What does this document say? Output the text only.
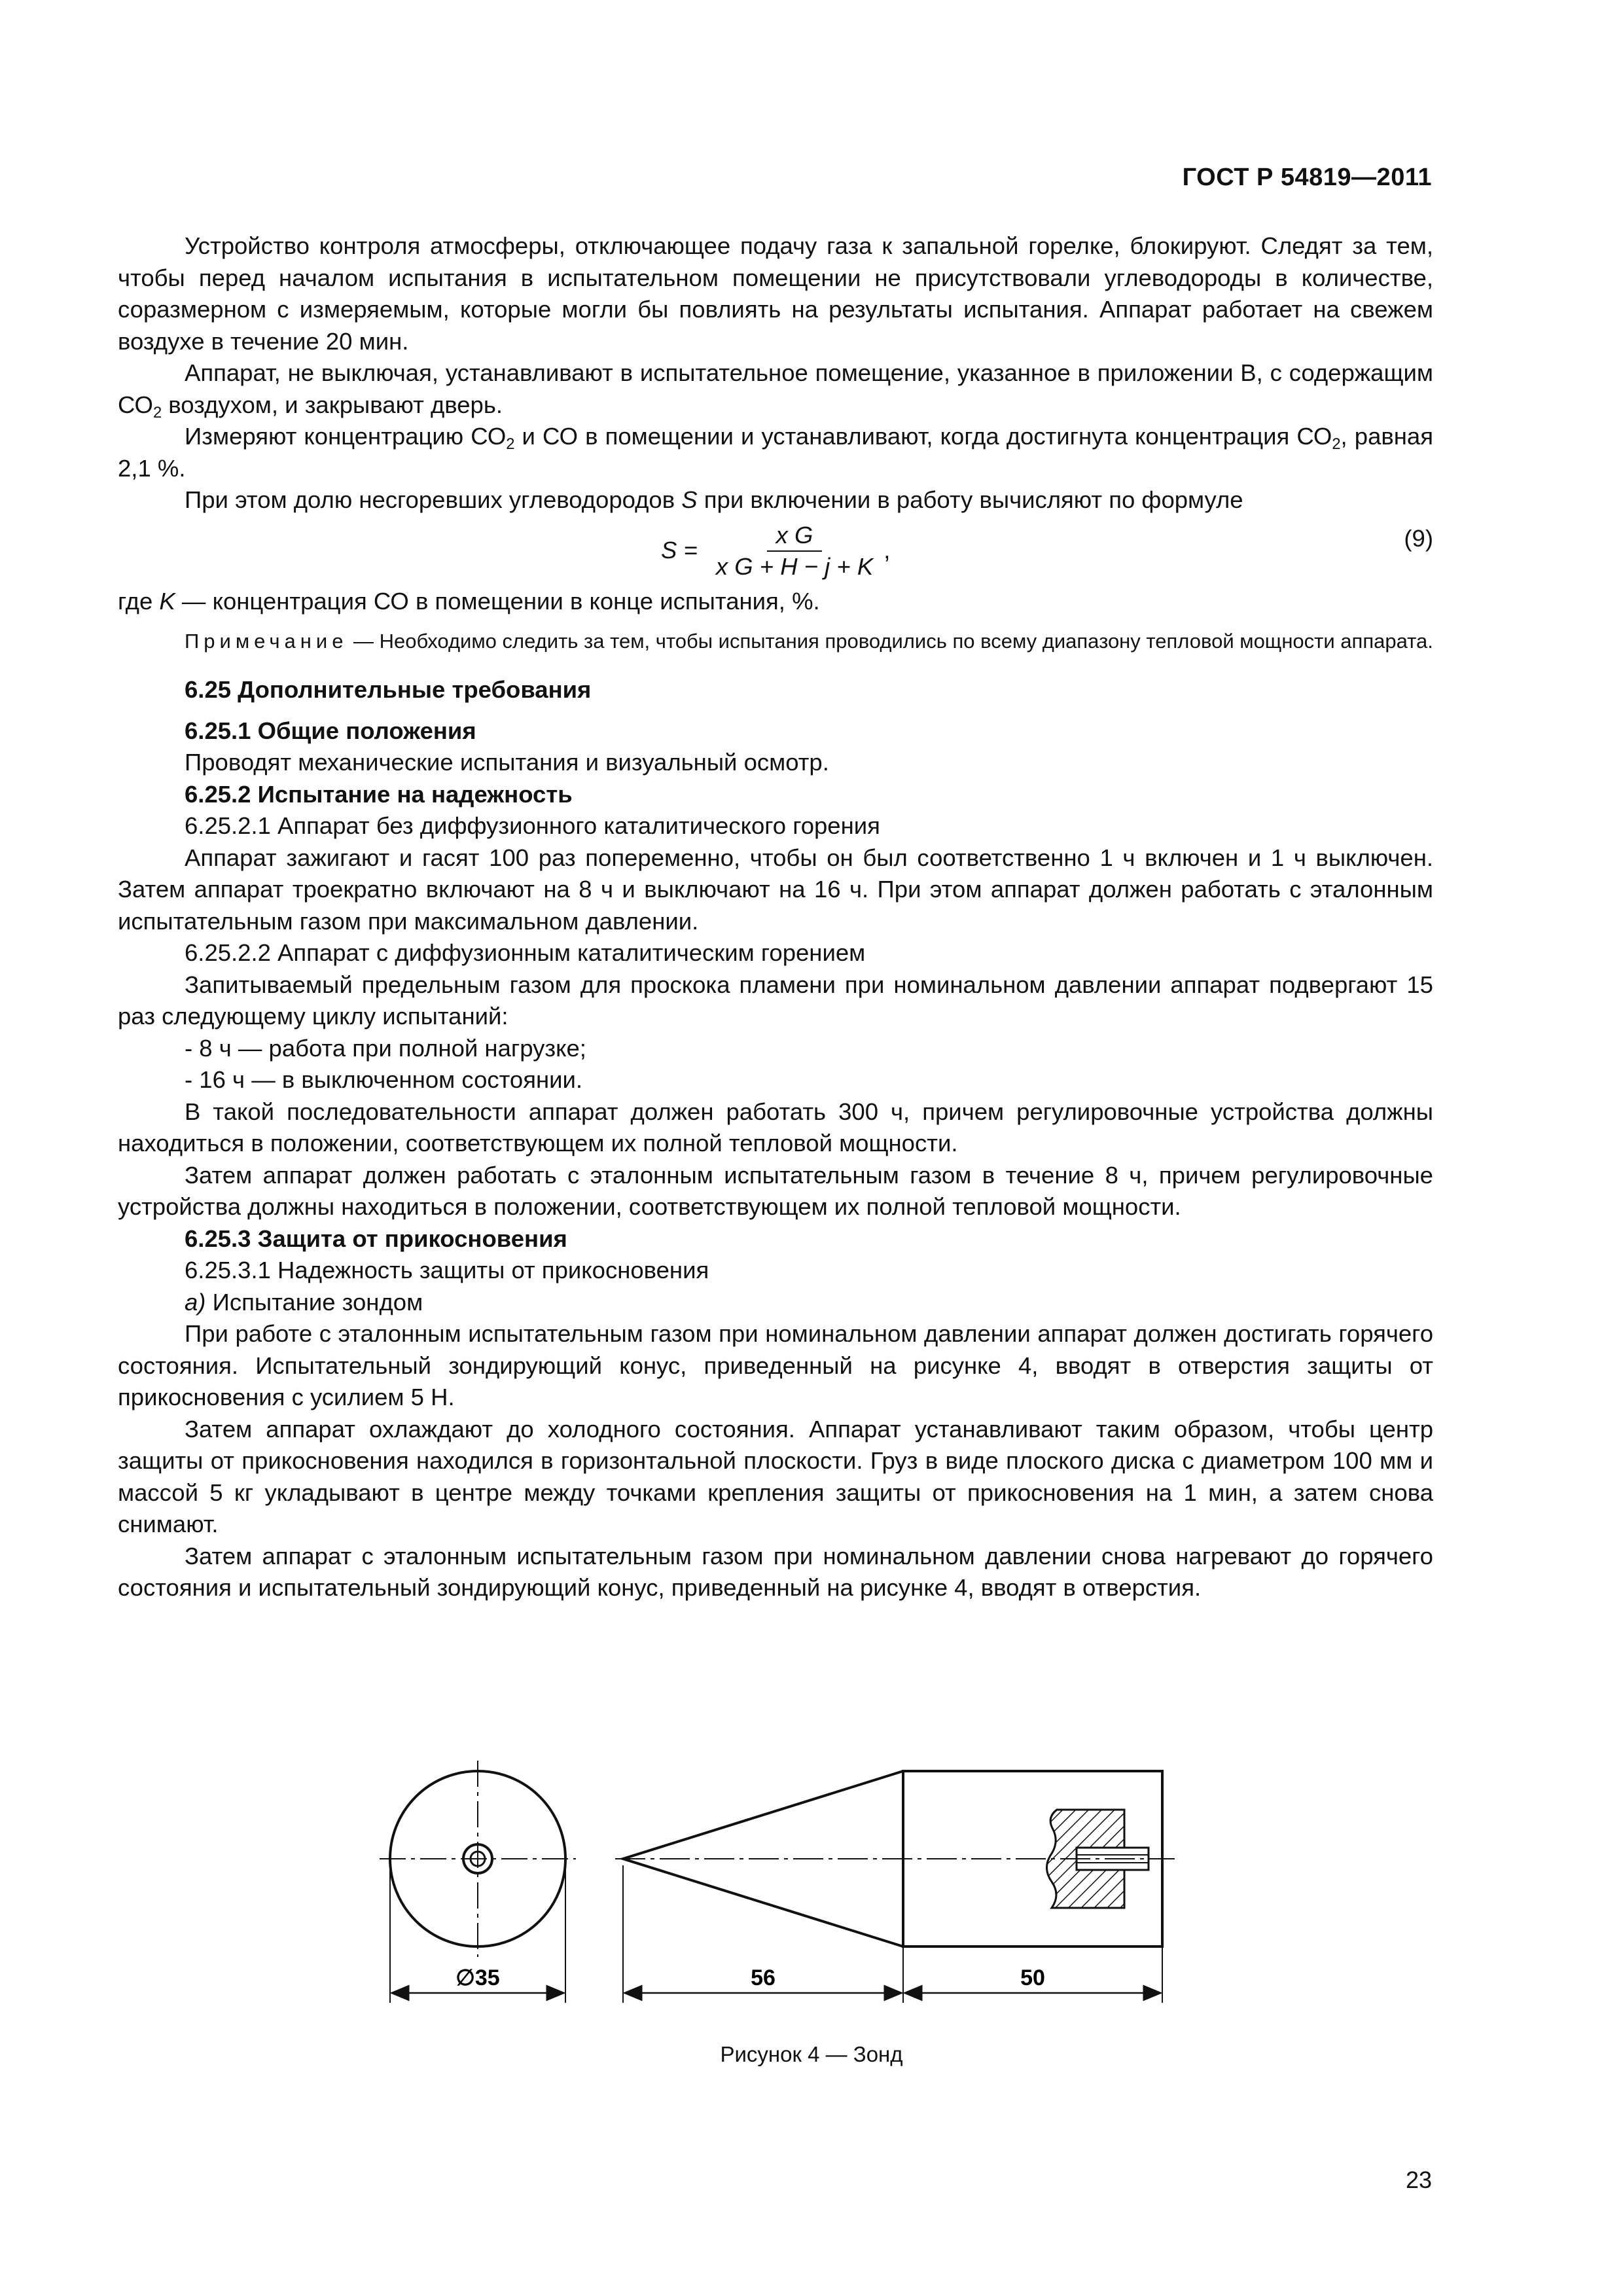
ГОСТ Р 54819—2011

Устройство контроля атмосферы, отключающее подачу газа к запальной горелке, блокируют. Следят за тем, чтобы перед началом испытания в испытательном помещении не присутствовали углеводороды в количестве, соразмерном с измеряемым, которые могли бы повлиять на результаты испытания. Аппарат работает на свежем воздухе в течение 20 мин.

Аппарат, не выключая, устанавливают в испытательное помещение, указанное в приложении В, с содержащим $СО_2$ воздухом, и закрывают дверь.

Измеряют концентрацию $СО_2$ и СО в помещении и устанавливают, когда достигнута концентрация $СО_2$, равная 2,1 %.

При этом долю несгоревших углеводородов S при включении в работу вычисляют по формуле

$S = \frac{\text{x G}}{\text{x G + H − j + K}}$ ,	(9)

где K — концентрация СО в помещении в конце испытания, %.

Примечание — Необходимо следить за тем, чтобы испытания проводились по всему диапазону тепловой мощности аппарата.

6.25 Дополнительные требования

6.25.1 Общие положения

Проводят механические испытания и визуальный осмотр.

6.25.2 Испытание на надежность

6.25.2.1 Аппарат без диффузионного каталитического горения

Аппарат зажигают и гасят 100 раз попеременно, чтобы он был соответственно 1 ч включен и 1 ч выключен. Затем аппарат троекратно включают на 8 ч и выключают на 16 ч. При этом аппарат должен работать с эталонным испытательным газом при максимальном давлении.

6.25.2.2 Аппарат с диффузионным каталитическим горением

Запитываемый предельным газом для проскока пламени при номинальном давлении аппарат подвергают 15 раз следующему циклу испытаний:

- 8 ч — работа при полной нагрузке;

- 16 ч — в выключенном состоянии.

В такой последовательности аппарат должен работать 300 ч, причем регулировочные устройства должны находиться в положении, соответствующем их полной тепловой мощности.

Затем аппарат должен работать с эталонным испытательным газом в течение 8 ч, причем регулировочные устройства должны находиться в положении, соответствующем их полной тепловой мощности.

6.25.3 Защита от прикосновения

6.25.3.1 Надежность защиты от прикосновения

а) Испытание зондом

При работе с эталонным испытательным газом при номинальном давлении аппарат должен достигать горячего состояния. Испытательный зондирующий конус, приведенный на рисунке 4, вводят в отверстия защиты от прикосновения с усилием 5 Н.

Затем аппарат охлаждают до холодного состояния. Аппарат устанавливают таким образом, чтобы центр защиты от прикосновения находился в горизонтальной плоскости. Груз в виде плоского диска с диаметром 100 мм и массой 5 кг укладывают в центре между точками крепления защиты от прикосновения на 1 мин, а затем снова снимают.

Затем аппарат с эталонным испытательным газом при номинальном давлении снова нагревают до горячего состояния и испытательный зондирующий конус, приведенный на рисунке 4, вводят в отверстия.

∅35	56	50
Рисунок 4 — Зонд
23
